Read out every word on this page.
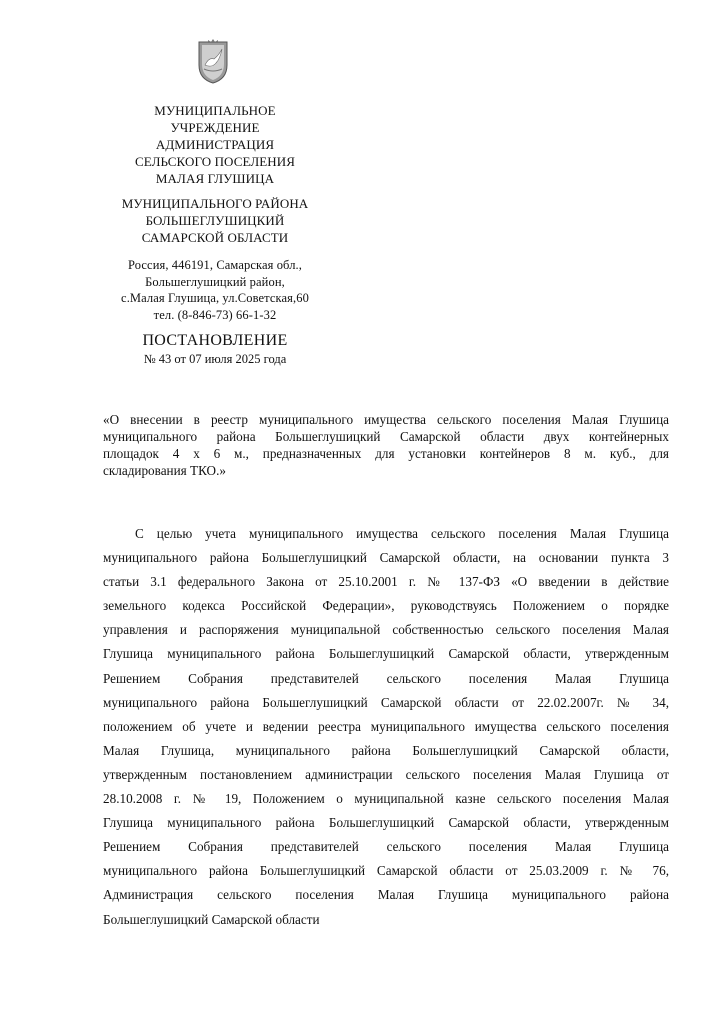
МУНИЦИПАЛЬНОЕ
УЧРЕЖДЕНИЕ
АДМИНИСТРАЦИЯ
СЕЛЬСКОГО ПОСЕЛЕНИЯ
МАЛАЯ ГЛУШИЦА
МУНИЦИПАЛЬНОГО РАЙОНА
БОЛЬШЕГЛУШИЦКИЙ
САМАРСКОЙ ОБЛАСТИ
Россия, 446191, Самарская обл.,
Большеглушицкий район,
с.Малая Глушица, ул.Советская,60
тел. (8-846-73) 66-1-32
ПОСТАНОВЛЕНИЕ
№ 43 от 07 июля 2025 года
«О внесении в реестр муниципального имущества сельского поселения Малая Глушица
муниципального района Большеглушицкий Самарской области двух контейнерных
площадок 4 х 6 м., предназначенных для установки контейнеров 8 м. куб., для
складирования ТКО.»
С целью учета муниципального имущества сельского поселения Малая Глушица
муниципального района Большеглушицкий Самарской области, на основании пункта 3
статьи 3.1 федерального Закона от 25.10.2001 г. № 137-ФЗ «О введении в действие
земельного кодекса Российской Федерации», руководствуясь Положением о порядке
управления и распоряжения муниципальной собственностью сельского поселения Малая
Глушица муниципального района Большеглушицкий Самарской области, утвержденным
Решением Собрания представителей сельского поселения Малая Глушица
муниципального района Большеглушицкий Самарской области от 22.02.2007г. № 34,
положением об учете и ведении реестра муниципального имущества сельского поселения
Малая Глушица, муниципального района Большеглушицкий Самарской области,
утвержденным постановлением администрации сельского поселения Малая Глушица от
28.10.2008 г. № 19, Положением о муниципальной казне сельского поселения Малая
Глушица муниципального района Большеглушицкий Самарской области, утвержденным
Решением Собрания представителей сельского поселения Малая Глушица
муниципального района Большеглушицкий Самарской области от 25.03.2009 г. № 76,
Администрация сельского поселения Малая Глушица муниципального района
Большеглушицкий Самарской области
